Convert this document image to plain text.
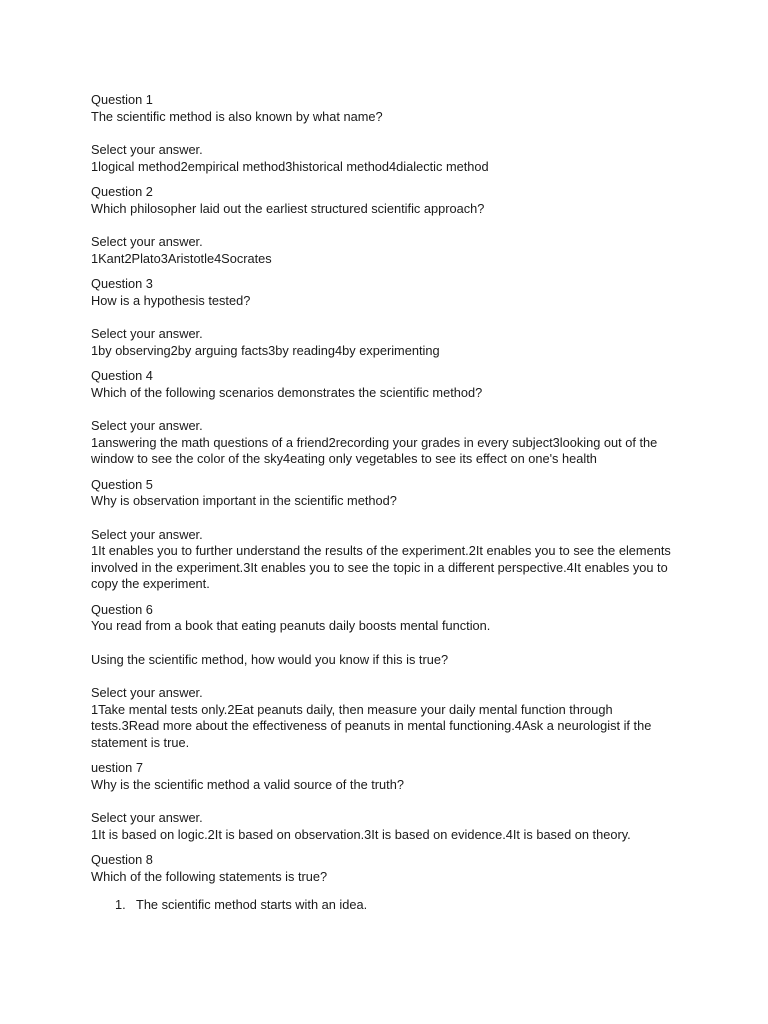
Question 1
The scientific method is also known by what name?
Select your answer.
1logical method2empirical method3historical method4dialectic method
Question 2
Which philosopher laid out the earliest structured scientific approach?
Select your answer.
1Kant2Plato3Aristotle4Socrates
Question 3
How is a hypothesis tested?
Select your answer.
1by observing2by arguing facts3by reading4by experimenting
Question 4
Which of the following scenarios demonstrates the scientific method?
Select your answer.
1answering the math questions of a friend2recording your grades in every subject3looking out of the window to see the color of the sky4eating only vegetables to see its effect on one's health
Question 5
Why is observation important in the scientific method?
Select your answer.
1It enables you to further understand the results of the experiment.2It enables you to see the elements involved in the experiment.3It enables you to see the topic in a different perspective.4It enables you to copy the experiment.
Question 6
You read from a book that eating peanuts daily boosts mental function.
Using the scientific method, how would you know if this is true?
Select your answer.
1Take mental tests only.2Eat peanuts daily, then measure your daily mental function through tests.3Read more about the effectiveness of peanuts in mental functioning.4Ask a neurologist if the statement is true.
uestion 7
Why is the scientific method a valid source of the truth?
Select your answer.
1It is based on logic.2It is based on observation.3It is based on evidence.4It is based on theory.
Question 8
Which of the following statements is true?
1. The scientific method starts with an idea.
